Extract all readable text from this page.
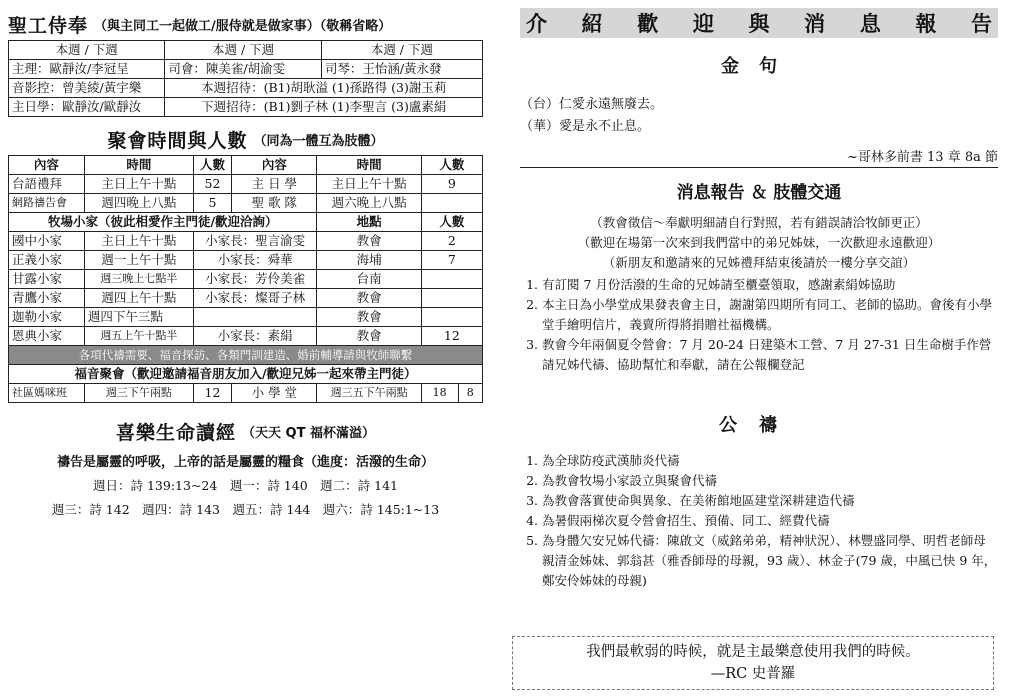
聖工侍奉 （與主同工一起做工/服侍就是做家事）（敬稱省略）
本週 / 下週	本週 / 下週	本週 / 下週
主理：歐靜汝/李冠呈	司會：陳美雀/胡渝雯	司琴：王怡涵/黃永發
音影控：曾美綾/黃宇樂	本週招待：(B1)胡耿溢 (1)孫路得 (3)謝玉莉	
主日學：歐靜汝/歐靜汝	下週招待：(B1)劉子林 (1)李聖言 (3)盧素絹	
聚會時間與人數 （同為一體互為肢體）
內容	時間	人數	內容	時間	人數	
台語禮拜	主日上午十點	52	主 日 學	主日上午十點	9	
網路禱告會	週四晚上八點	5	聖 歌 隊	週六晚上八點		
牧場小家（彼此相愛作主門徒/歡迎洽詢）				地點	人數	
國中小家	主日上午十點	小家長：聖言渝雯		教會	2	
正義小家	週一上午十點	小家長：舜華		海埔	7	
甘露小家	週三晚上七點半	小家長：芳伶美雀		台南		
青鷹小家	週四上午十點	小家長：燦哥子林		教會		
迦勒小家	週四下午三點			教會		
恩典小家	週五上午十點半	小家長：素絹		教會	12	
各項代禱需要、福音探訪、各類門訓建造、婚前輔導請與牧師聯繫						
福音聚會（歡迎邀請福音朋友加入/歡迎兄姊一起來帶主門徒）						
社區媽咪班	週三下午兩點	12	小 學 堂	週三五下午兩點	18	8
喜樂生命讀經 （天天 QT 福杯滿溢）
禱告是屬靈的呼吸，上帝的話是屬靈的糧食（進度：活潑的生命）
週日：詩 139:13~24　週一：詩 140　週二：詩 141
週三：詩 142　週四：詩 143　週五：詩 144　週六：詩 145:1~13
介 紹 歡 迎 與 消 息 報 告
金句
（台）仁愛永遠無廢去。
（華）愛是永不止息。
~哥林多前書 13 章 8a 節
消息報告 ＆ 肢體交通
（教會徵信～奉獻明細請自行對照，若有錯誤請洽牧師更正）
（歡迎在場第一次來到我們當中的弟兄姊妹，一次歡迎永遠歡迎）
（新朋友和邀請來的兄姊禮拜結束後請於一樓分享交誼）
1. 有訂閱 7 月份活潑的生命的兄姊請至櫃臺領取，感謝素絹姊協助
2. 本主日為小學堂成果發表會主日，謝謝第四期所有同工、老師的協助。會後有小學堂手繪明信片，義賣所得將捐贈社福機構。
3. 教會今年兩個夏令營會：7 月 20-24 日建築木工營、7 月 27-31 日生命樹手作營請兄姊代禱、協助幫忙和奉獻，請在公報欄登記
公禱
1. 為全球防疫武漢肺炎代禱
2. 為教會牧場小家設立與聚會代禱
3. 為教會落實使命與異象、在美術館地區建堂深耕建造代禱
4. 為暑假兩梯次夏令營會招生、預備、同工、經費代禱
5. 為身體欠安兄姊代禱：陳啟文（威銘弟弟，精神狀況）、林豐盛同學、明哲老師母親清金姊妹、郭翁甚（雅香師母的母親，93 歲）、林金子(79 歲，中風已快 9 年，鄭安伶姊妹的母親)
我們最軟弱的時候，就是主最樂意使用我們的時候。
—RC 史普羅
